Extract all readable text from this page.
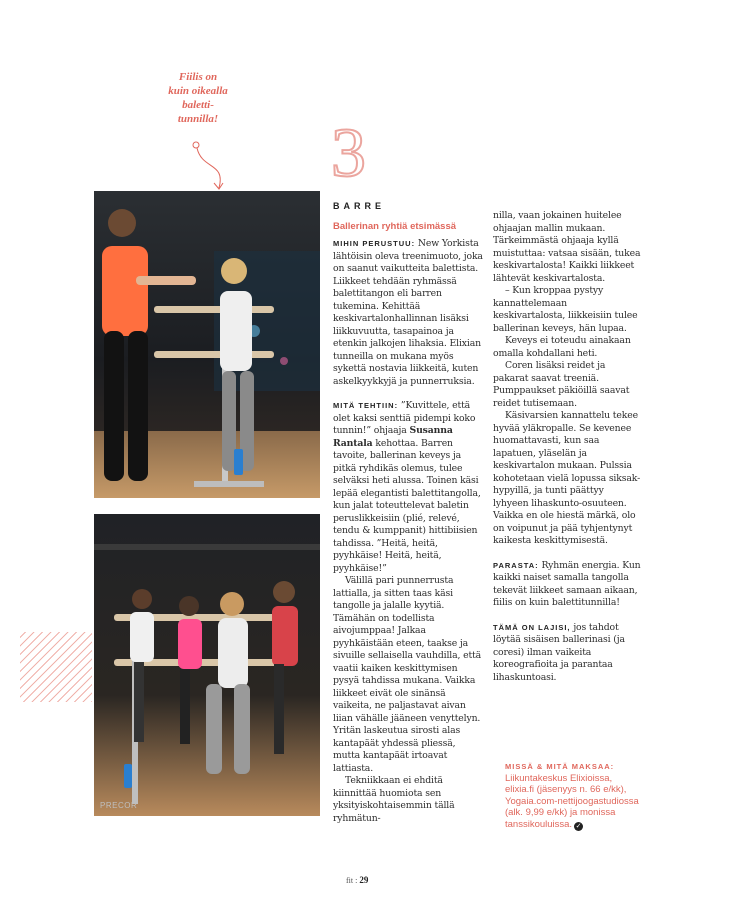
Fiilis on
kuin oikealla
baletti-
tunnilla!
PRECOR
3
BARRE
Ballerinan ryhtiä etsimässä

MIHIN PERUSTUU: New Yorkista lähtöisin oleva treenimuoto, joka on saanut vaikutteita balettista. Liikkeet tehdään ryhmässä balettitangon eli barren tukemina. Kehittää keskivartalonhallinnan lisäksi liikkuvuutta, tasapainoa ja etenkin jalkojen lihaksia. Elixian tunneilla on mukana myös sykettä nostavia liikkeitä, kuten askelkyykkyjä ja punnerruksia.

MITÄ TEHTIIN: ”Kuvittele, että olet kaksi senttiä pidempi koko tunnin!” ohjaaja Susanna Rantala kehottaa. Barren tavoite, ballerinan keveys ja pitkä ryhdikäs olemus, tulee selväksi heti alussa. Toinen käsi lepää elegantisti balettitangolla, kun jalat toteuttelevat baletin peruslikkeisiin (plié, relevé, tendu & kumppanit) hittibiisien tahdissa. ”Heitä, heitä, pyyhkäise! Heitä, heitä, pyyhkäise!”

Välillä pari punnerrusta lattialla, ja sitten taas käsi tangolle ja jalalle kyytiä. Tämähän on todellista aivojumppaa! Jalkaa pyyhkäistään eteen, taakse ja sivuille sellaisella vauhdilla, että vaatii kaiken keskittymisen pysyä tahdissa mukana. Vaikka liikkeet eivät ole sinänsä vaikeita, ne paljastavat aivan liian vähälle jääneen venyttelyn. Yritän laskeutua sirosti alas kantapäät yhdessä pliessä, mutta kantapäät irtoavat lattiasta.

Tekniikkaan ei ehditä kiinnittää huomiota sen yksityiskohtaisemmin tällä ryhmätun-

nilla, vaan jokainen huitelee ohjaajan mallin mukaan. Tärkeimmästä ohjaaja kyllä muistuttaa: vatsaa sisään, tukea keskivartalosta! Kaikki liikkeet lähtevät keskivartalosta.

– Kun kroppaa pystyy kannattelemaan keskivartalosta, liikkeisiin tulee ballerinan keveys, hän lupaa.

Keveys ei toteudu ainakaan omalla kohdallani heti.

Coren lisäksi reidet ja pakarat saavat treeniä. Pumppaukset päkiöillä saavat reidet tutisemaan.

Käsivarsien kannattelu tekee hyvää yläkropalle. Se kevenee huomattavasti, kun saa lapatuen, yläselän ja keskivartalon mukaan. Pulssia kohotetaan vielä lopussa siksak-hypyillä, ja tunti päättyy lyhyeen lihaskunto-osuuteen. Vaikka en ole hiestä märkä, olo on voipunut ja pää tyhjentynyt kaikesta keskittymisestä.

PARASTA: Ryhmän energia. Kun kaikki naiset samalla tangolla tekevät liikkeet samaan aikaan, fiilis on kuin balettitunnilla!

TÄMÄ ON LAJISI, jos tahdot löytää sisäisen ballerinasi (ja coresi) ilman vaikeita koreografioita ja parantaa lihaskuntoasi.

MISSÄ & MITÄ MAKSAA: Liikuntakeskus Elixioissa, elixia.fi (jäsenyys n. 66 e/kk), Yogaia.com-nettijoogastudiossa (alk. 9,99 e/kk) ja monissa tanssikouluissa. ✓
fit : 29
